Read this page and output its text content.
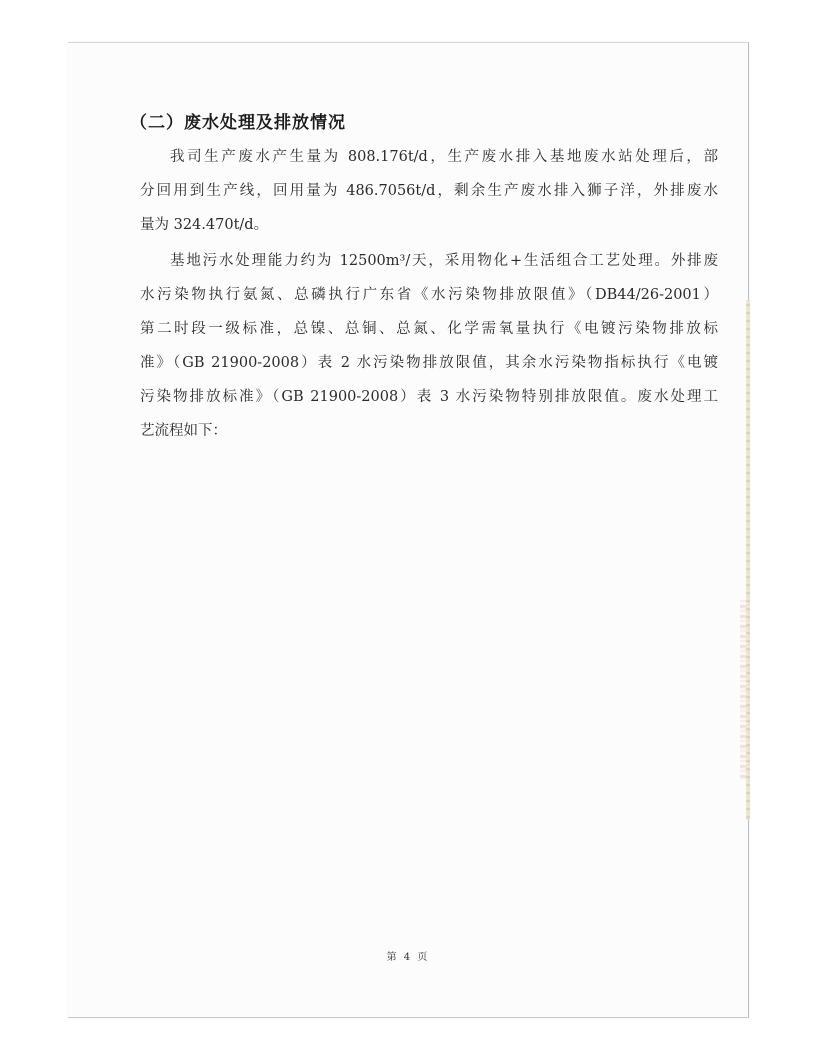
（二）废水处理及排放情况

我司生产废水产生量为 808.176t/d，生产废水排入基地废水站处理后，部
分回用到生产线，回用量为 486.7056t/d，剩余生产废水排入狮子洋，外排废水
量为 324.470t/d。

基地污水处理能力约为 12500m³/天，采用物化+生活组合工艺处理。外排废
水污染物执行氨氮、总磷执行广东省《水污染物排放限值》（DB44/26-2001）
第二时段一级标准，总镍、总铜、总氮、化学需氧量执行《电镀污染物排放标
准》（GB 21900-2008）表 2 水污染物排放限值，其余水污染物指标执行《电镀
污染物排放标准》（GB 21900-2008）表 3 水污染物特别排放限值。废水处理工
艺流程如下：

第 4 页
